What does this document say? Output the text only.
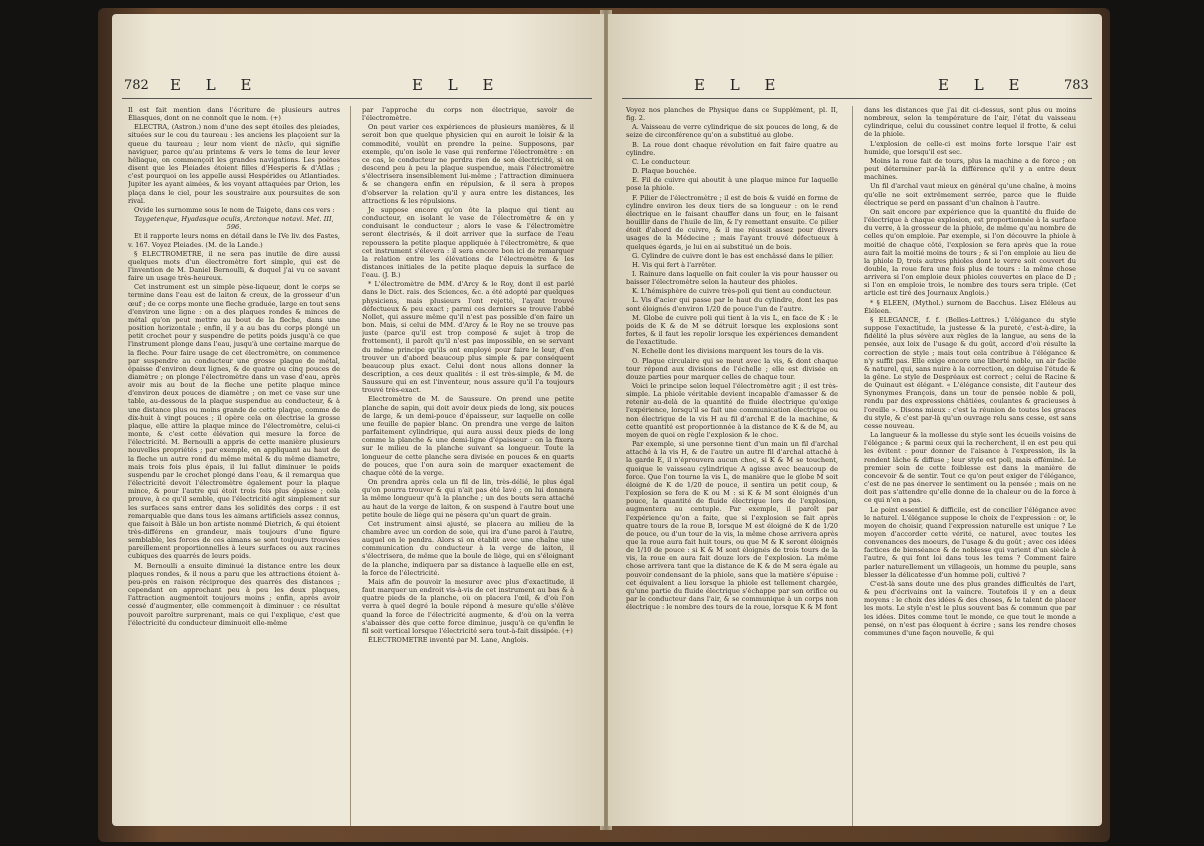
782 E L E	E L E

Il est fait mention dans l'écriture de plusieurs autres Éliasques, dont on ne connoît que le nom. (+)

ELECTRA, (Astron.) nom d'une des sept étoiles des pleiades, situées sur le cou du taureau : les anciens les plaçoient sur la queue du taureau ; leur nom vient de πλεῖν, qui signifie naviguer, parce qu'au printems & vers le tems de leur lever héliaque, on commençoit les grandes navigations. Les poètes disent que les Pleiades étoient filles d'Hesperis & d'Atlas ; c'est pourquoi on les appelle aussi Hespérides ou Atlantiades. Jupiter les ayant aimées, & les voyant attaquées par Orion, les plaça dans le ciel, pour les soustraire aux poursuites de son rival.

Ovide les surnomme sous le nom de Taigete, dans ces vers :

Taygetenque, Hyadasque oculis, Arctonque notavi. Met. III, 596.

Et il rapporte leurs noms en détail dans le IVe liv. des Fastes, v. 167. Voyez Pleiades. (M. de la Lande.)

§ ELECTROMETRE, il ne sera pas inutile de dire aussi quelques mots d'un électromètre fort simple, qui est de l'invention de M. Daniel Bernoulli, & duquel j'ai vu ce savant faire un usage très-heureux.

Cet instrument est un simple pèse-liqueur, dont le corps se termine dans l'eau est de laiton & creux, de la grosseur d'un œuf ; de ce corps monte une fleche graduée, large en tout sens d'environ une ligne : on a des plaques rondes & minces de métal qu'on peut mettre au bout de la fleche, dans une position horizontale ; enfin, il y a au bas du corps plongé un petit crochet pour y suspendre de petits poids jusqu'à ce que l'instrument plonge dans l'eau, jusqu'à une certaine marque de la fleche. Pour faire usage de cet électromètre, on commence par suspendre au conducteur une grosse plaque de métal, épaisse d'environ deux lignes, & de quatre ou cinq pouces de diamètre ; on plonge l'électromètre dans un vase d'eau, après avoir mis au bout de la fleche une petite plaque mince d'environ deux pouces de diamètre ; on met ce vase sur une table, au-dessous de la plaque suspendue au conducteur, & à une distance plus ou moins grande de cette plaque, comme de dix-huit à vingt pouces ; il opère cela on électrise la grosse plaque, elle attire la plaque mince de l'électromètre, celui-ci monte, & c'est cette élévation qui mesure la force de l'électricité. M. Bernoulli a appris de cette manière plusieurs nouvelles propriétés ; par exemple, en appliquant au haut de la fleche un autre rond du même métal & du même diametre, mais trois fois plus épais, il lui fallut diminuer le poids suspendu par le crochet plongé dans l'eau, & il remarqua que l'électricité devoit l'électromètre également pour la plaque mince, & pour l'autre qui étoit trois fois plus épaisse ; cela prouve, à ce qu'il semble, que l'électricité agit simplement sur les surfaces sans entrer dans les solidités des corps : il est remarquable que dans tous les aimans artificiels assez connus, que faisoit à Bâle un bon artiste nommé Dietrich, & qui étoient très-différens en grandeur, mais toujours d'une figure semblable, les forces de ces aimans se sont toujours trouvées pareillement proportionnelles à leurs surfaces ou aux racines cubiques des quarrés de leurs poids.

M. Bernoulli a ensuite diminué la distance entre les deux plaques rondes, & il nous a paru que les attractions étoient à-peu-près en raison réciproque des quarrés des distances ; cependant en approchant peu à peu les deux plaques, l'attraction augmentoit toujours moins ; enfin, après avoir cessé d'augmenter, elle commençoit à diminuer : ce résultat pouvoit paroître surprenant, mais ce qui l'explique, c'est que l'électricité du conducteur diminuoit elle-même

par l'approche du corps non électrique, savoir de l'électromètre.

On peut varier ces expériences de plusieurs manières, & il seroit bon que quelque physicien qui en auroit le loisir & la commodité, voulût en prendre la peine. Supposons, par exemple, qu'on isole le vase qui renferme l'électromètre : en ce cas, le conducteur ne perdra rien de son électricité, si on descend peu à peu la plaque suspendue, mais l'électromètre s'électrisera insensiblement lui-même ; l'attraction diminuera & se changera enfin en répulsion, & il sera à propos d'observer la relation qu'il y aura entre les distances, les attractions & les répulsions.

Je suppose encore qu'on ôte la plaque qui tient au conducteur, en isolant le vase de l'électromètre & en y conduisant le conducteur ; alors le vase & l'électromètre seront électrisés, & il doit arriver que la surface de l'eau repoussera la petite plaque appliquée à l'électromètre, & que cet instrument s'élevera : il sera encore bon ici de remarquer la relation entre les élévations de l'électromètre & les distances initiales de la petite plaque depuis la surface de l'eau. (J. B.)

* L'électromètre de MM. d'Arcy & le Roy, dont il est parlé dans le Dict. rais. des Sciences, &c. a été adopté par quelques physiciens, mais plusieurs l'ont rejetté, l'ayant trouvé défectueux & peu exact ; parmi ces derniers se trouve l'abbé Nollet, qui assure même qu'il n'est pas possible d'en faire un bon. Mais, si celui de MM. d'Arcy & le Roy ne se trouve pas juste (parce qu'il est trop composé & sujet à trop de frottement), il paroît qu'il n'est pas impossible, en se servant du même principe qu'ils ont employé pour faire le leur, d'en trouver un d'abord beaucoup plus simple & par conséquent beaucoup plus exact. Celui dont nous allons donner la description, a ces deux qualités : il est très-simple, & M. de Saussure qui en est l'inventeur, nous assure qu'il l'a toujours trouvé très-exact.

Electromètre de M. de Saussure. On prend une petite planche de sapin, qui doit avoir deux pieds de long, six pouces de large, & un demi-pouce d'épaisseur, sur laquelle on colle une feuille de papier blanc. On prendra une verge de laiton parfaitement cylindrique, qui aura aussi deux pieds de long comme la planche & une demi-ligne d'épaisseur : on la fixera sur le milieu de la planche suivant sa longueur. Toute la longueur de cette planche sera divisée en pouces & en quarts de pouces, que l'on aura soin de marquer exactement de chaque côté de la verge.

On prendra après cela un fil de lin, très-délié, le plus égal qu'on pourra trouver & qui n'ait pas été lavé ; on lui donnera la même longueur qu'à la planche ; un des bouts sera attaché au haut de la verge de laiton, & on suspend à l'autre bout une petite boule de liège qui ne pèsera qu'un quart de grain.

Cet instrument ainsi ajusté, se placera au milieu de la chambre avec un cordon de soie, qui ira d'une paroi à l'autre, auquel on le pendra. Alors si on établit avec une chaîne une communication du conducteur à la verge de laiton, il s'électrisera, de même que la boule de liège, qui en s'éloignant de la planche, indiquera par sa distance à laquelle elle en est, la force de l'électricité.

Mais afin de pouvoir la mesurer avec plus d'exactitude, il faut marquer un endroit vis-à-vis de cet instrument au bas & à quatre pieds de la planche, où on placera l'œil, & d'où l'on verra à quel degré la boule répond à mesure qu'elle s'élève quand la force de l'électricité augmente, & d'où on la verra s'abaisser dès que cette force diminue, jusqu'à ce qu'enfin le fil soit vertical lorsque l'électricité sera tout-à-fait dissipée. (+)

ÉLECTROMETRE inventé par M. Lane, Anglois.

E L E	E L E	783

Voyez nos planches de Physique dans ce Supplément, pl. II, fig. 2.

A. Vaisseau de verre cylindrique de six pouces de long, & de seize de circonférence qu'on a substitué au globe.

B. La roue dont chaque révolution en fait faire quatre au cylindre.

C. Le conducteur.

D. Plaque bouchée.

E. Fil de cuivre qui aboutit à une plaque mince fur laquelle pose la phiole.

F. Pilier de l'électromètre ; il est de bois & vuidé en forme de cylindre environ les deux tiers de sa longueur : on le rend électrique en le faisant chauffer dans un four, en le faisant bouillir dans de l'huile de lin, & l'y remettant ensuite. Ce pilier étoit d'abord de cuivre, & il me réussit assez pour divers usages de la Médecine ; mais l'ayant trouvé défectueux à quelques égards, je lui en ai substitué un de bois.

G. Cylindre de cuivre dont le bas est enchâssé dans le pilier.

H. Vis qui fert à l'arrêter.

I. Rainure dans laquelle on fait couler la vis pour hausser ou baisser l'électromètre selon la hauteur des phioles.

K. L'hémisphère de cuivre très-poli qui tient au conducteur.

L. Vis d'acier qui passe par le haut du cylindre, dont les pas sont éloignés d'environ 1/20 de pouce l'un de l'autre.

M. Globe de cuivre poli qui tient à la vis L, en face de K : le poids de K & de M se détruit lorsque les explosions sont fortes, & il faut les repolir lorsque les expériences demandent de l'exactitude.

N. Echelle dont les divisions marquent les tours de la vis.

O. Plaque circulaire qui se meut avec la vis, & dont chaque tour répond aux divisions de l'échelle ; elle est divisée en douze parties pour marquer celles de chaque tour.

Voici le principe selon lequel l'électromètre agit ; il est très-simple. La phiole véritable devient incapable d'amasser & de retenir au-delà de la quantité de fluide électrique qu'exige l'expérience, lorsqu'il se fait une communication électrique ou non électrique de la vis H au fil d'archal E de la machine, & cette quantité est proportionnée à la distance de K & de M, au moyen de quoi on règle l'explosion & le choc.

Par exemple, si une personne tient d'un main un fil d'archal attaché à la vis H, & de l'autre un autre fil d'archal attaché à la garde E, il n'éprouvera aucun choc, si K & M se touchent, quoique le vaisseau cylindrique A agisse avec beaucoup de force. Que l'on tourne la vis L, de manière que le globe M soit éloigné de K de 1/20 de pouce, il sentira un petit coup, & l'explosion se fera de K ou M : si K & M sont éloignés d'un pouce, la quantité de fluide électrique lors de l'explosion, augmentera au centuple. Par exemple, il paroît par l'expérience qu'on a faite, que si l'explosion se fait après quatre tours de la roue B, lorsque M est éloigné de K de 1/20 de pouce, ou d'un tour de la vis, la même chose arrivera après que la roue aura fait huit tours, ou que M & K seront éloignés de 1/10 de pouce : si K & M sont éloignés de trois tours de la vis, la roue en aura fait douze lors de l'explosion. La même chose arrivera tant que la distance de K & de M sera égale au pouvoir condensant de la phiole, sans que la matière s'épuise : cet équivalent a lieu lorsque la phiole est tellement chargée, qu'une partie du fluide électrique s'échappe par son orifice ou par le conducteur dans l'air, & se communique à un corps non électrique : le nombre des tours de la roue, lorsque K & M font

dans les distances que j'ai dit ci-dessus, sont plus ou moins nombreux, selon la température de l'air, l'état du vaisseau cylindrique, celui du coussinet contre lequel il frotte, & celui de la phiole.

L'explosion de celle-ci est moins forte lorsque l'air est humide, que lorsqu'il est sec.

Moins la roue fait de tours, plus la machine a de force ; on peut déterminer par-là la différence qu'il y a entre deux machines.

Un fil d'archal vaut mieux en général qu'une chaîne, à moins qu'elle ne soit extrêmement serrée, parce que le fluide électrique se perd en passant d'un chaînon à l'autre.

On sait encore par expérience que la quantité du fluide de l'électrique à chaque explosion, est proportionnée à la surface du verre, à la grosseur de la phiole, de même qu'au nombre de celles qu'on emploie. Par exemple, si l'on découvre la phiole à moitié de chaque côté, l'explosion se fera après que la roue aura fait la moitié moins de tours ; & si l'on emploie au lieu de la phiole D, trois autres phioles dont le verre soit couvert du double, la roue fera une fois plus de tours : la même chose arrivera si l'on emploie deux phioles couvertes en place de D ; si l'on en emploie trois, le nombre des tours sera triple. (Cet article est tiré des Journaux Anglois.)

* § ELEEN, (Mythol.) surnom de Bacchus. Lisez Eléleus au Éléleen.

§ ELEGANCE, f. f. (Belles-Lettres.) L'élégance du style suppose l'exactitude, la justesse & la pureté, c'est-à-dire, la fidélité la plus sévère aux règles de la langue, au sens de la pensée, aux loix de l'usage & du goût, accord d'où résulte la correction de style ; mais tout cela contribue à l'élégance & n'y suffit pas. Elle exige encore une liberté noble, un air facile & naturel, qui, sans nuire à la correction, en déguise l'étude & la gêne. Le style de Despréaux est correct ; celui de Racine & de Quinaut est élégant. « L'élégance consiste, dit l'auteur des Synonymes François, dans un tour de pensée noble & poli, rendu par des expressions châtiées, coulantes & gracieuses à l'oreille ». Disons mieux : c'est la réunion de toutes les graces du style, & c'est par-là qu'un ouvrage relu sans cesse, est sans cesse nouveau.

La langueur & la mollesse du style sont les écueils voisins de l'élégance ; & parmi ceux qui la recherchent, il en est peu qui les évitent : pour donner de l'aisance à l'expression, ils la rendent lâche & diffuse ; leur style est poli, mais efféminé. Le premier soin de cette foiblesse est dans la manière de concevoir & de sentir. Tout ce qu'on peut exiger de l'élégance, c'est de ne pas énerver le sentiment ou la pensée ; mais on ne doit pas s'attendre qu'elle donne de la chaleur ou de la force à ce qui n'en a pas.

Le point essentiel & difficile, est de concilier l'élégance avec le naturel. L'élégance suppose le choix de l'expression : or, le moyen de choisir, quand l'expression naturelle est unique ? Le moyen d'accorder cette vérité, ce naturel, avec toutes les convenances des moeurs, de l'usage & du goût ; avec ces idées factices de bienséance & de noblesse qui varient d'un siècle à l'autre, & qui font loi dans tous les tems ? Comment faire parler naturellement un villageois, un homme du peuple, sans blesser la délicatesse d'un homme poli, cultivé ?

C'est-là sans doute une des plus grandes difficultés de l'art, & peu d'écrivains ont la vaincre. Toutefois il y en a deux moyens : le choix des idées & des choses, & le talent de placer les mots. Le style n'est le plus souvent bas & commun que par les idées. Dites comme tout le monde, ce que tout le monde a pensé, on n'est pas éloquent à écrire ; sans les rendre choses communes d'une façon nouvelle, & qui
